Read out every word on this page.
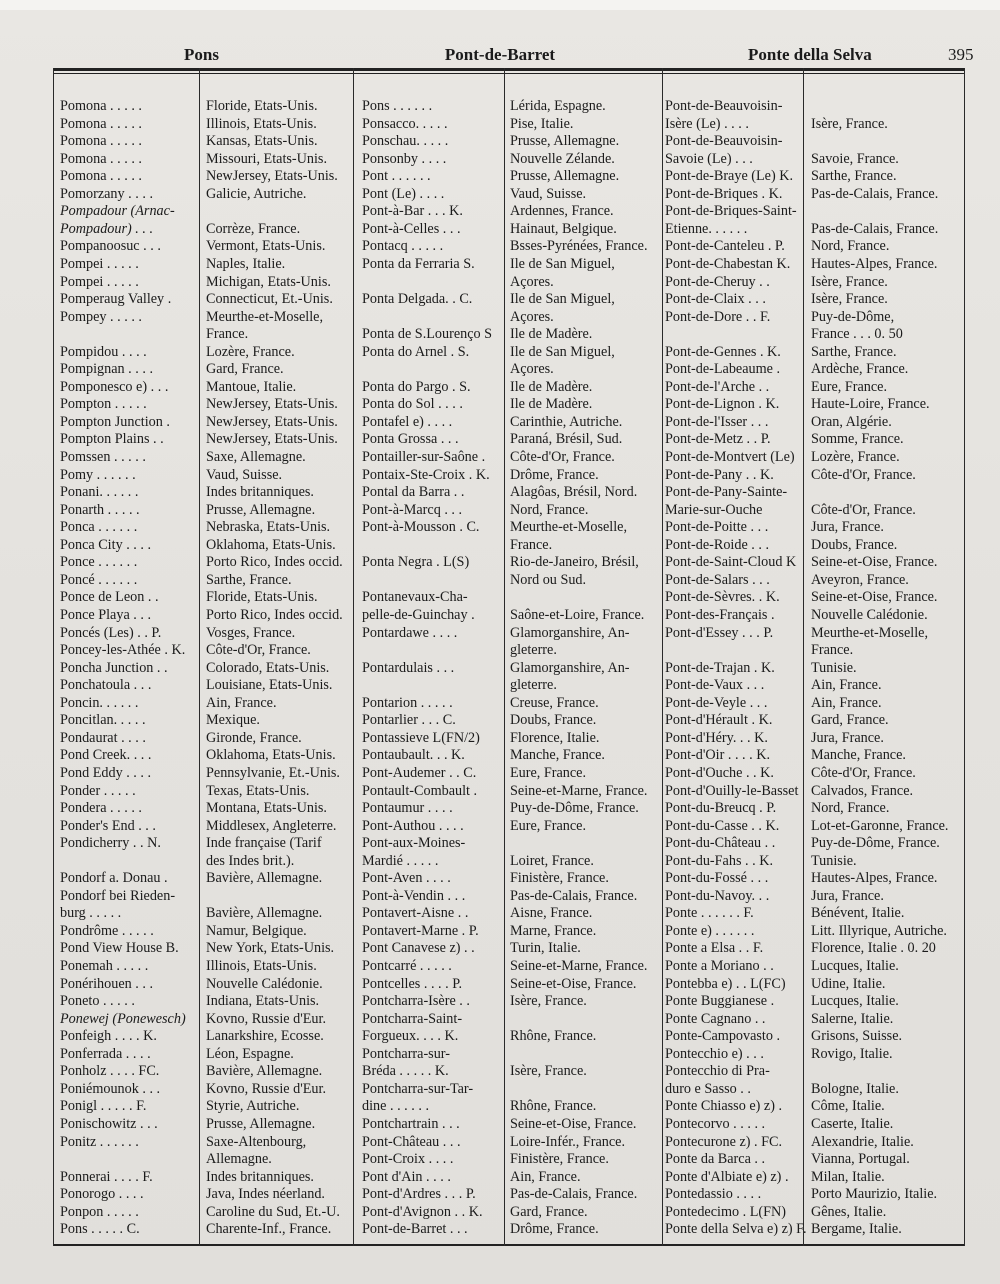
Pons	Pont-de-Barret	Ponte della Selva	395
Pomona . . . . .	Floride, Etats-Unis.
Pomona . . . . .	Illinois, Etats-Unis.
Pomona . . . . .	Kansas, Etats-Unis.
Pomona . . . . .	Missouri, Etats-Unis.
Pomona . . . . .	NewJersey, Etats-Unis.
Pomorzany . . . .	Galicie, Autriche.
Pompadour (Arnac-
Pompadour) . . .	Corrèze, France.
Pompanoosuc . . .	Vermont, Etats-Unis.
Pompei . . . . .	Naples, Italie.
Pompei . . . . .	Michigan, Etats-Unis.
Pomperaug Valley . Connecticut, Et.-Unis.
Pompey . . . . .	Meurthe-et-Moselle,
France.
Pompidou . . . .	Lozère, France.
Pompignan . . . .	Gard, France.
Pomponesco e) . . .	Mantoue, Italie.
Pompton . . . . .	NewJersey, Etats-Unis.
Pompton Junction .	NewJersey, Etats-Unis.
Pompton Plains . .	NewJersey, Etats-Unis.
Pomssen . . . . .	Saxe, Allemagne.
Pomy . . . . . .	Vaud, Suisse.
Ponani. . . . . .	Indes britanniques.
Ponarth . . . . .	Prusse, Allemagne.
Ponca . . . . . .	Nebraska, Etats-Unis.
Ponca City . . . .	Oklahoma, Etats-Unis.
Ponce . . . . . .	Porto Rico, Indes occid.
Poncé . . . . . .	Sarthe, France.
Ponce de Leon . .	Floride, Etats-Unis.
Ponce Playa . . .	Porto Rico, Indes occid.
Poncés (Les) . . P.	Vosges, France.
Poncey-les-Athée . K. Côte-d'Or, France.
Poncha Junction . .	Colorado, Etats-Unis.
Ponchatoula . . .	Louisiane, Etats-Unis.
Poncin. . . . . .	Ain, France.
Poncitlan. . . . .	Mexique.
Pondaurat . . . .	Gironde, France.
Pond Creek. . . .	Oklahoma, Etats-Unis.
Pond Eddy . . . .	Pennsylvanie, Et.-Unis.
Ponder . . . . .	Texas, Etats-Unis.
Pondera . . . . .	Montana, Etats-Unis.
Ponder's End . . .	Middlesex, Angleterre.
Pondicherry . . N.	Inde française (Tarif
des Indes brit.).
Pondorf a. Donau .	Bavière, Allemagne.
Pondorf bei Rieden-
burg . . . . .	Bavière, Allemagne.
Pondrôme . . . . .	Namur, Belgique.
Pond View House B. New York, Etats-Unis.
Ponemah . . . . .	Illinois, Etats-Unis.
Ponérihouen . . .	Nouvelle Calédonie.
Poneto . . . . .	Indiana, Etats-Unis.
Ponewej (Ponewesch) Kovno, Russie d'Eur.
Ponfeigh . . . . K.	Lanarkshire, Ecosse.
Ponferrada . . . .	Léon, Espagne.
Ponholz . . . . FC.	Bavière, Allemagne.
Poniémounok . . .	Kovno, Russie d'Eur.
Ponigl . . . . . F.	Styrie, Autriche.
Ponischowitz . . .	Prusse, Allemagne.
Ponitz . . . . . .	Saxe-Altenbourg,
Allemagne.
Ponnerai . . . . F.	Indes britanniques.
Ponorogo . . . .	Java, Indes néerland.
Ponpon . . . . .	Caroline du Sud, Et.-U.
Pons . . . . . C.	Charente-Inf., France.
Pons . . . . . .	Lérida, Espagne.
Ponsacco. . . . .	Pise, Italie.
Ponschau. . . . .	Prusse, Allemagne.
Ponsonby . . . .	Nouvelle Zélande.
Pont . . . . . .	Prusse, Allemagne.
Pont (Le) . . . .	Vaud, Suisse.
Pont-à-Bar . . . K.	Ardennes, France.
Pont-à-Celles . . .	Hainaut, Belgique.
Pontacq . . . . .	Bsses-Pyrénées, France.
Ponta da Ferraria S. Ile de San Miguel,
Açores.
Ponta Delgada. . C.	Ile de San Miguel,
Açores.
Ponta de S.Lourenço S Ile de Madère.
Ponta do Arnel . S.	Ile de San Miguel,
Açores.
Ponta do Pargo . S.	Ile de Madère.
Ponta do Sol . . . .	Ile de Madère.
Pontafel e) . . . .	Carinthie, Autriche.
Ponta Grossa . . .	Paraná, Brésil, Sud.
Pontailler-sur-Saône . Côte-d'Or, France.
Pontaix-Ste-Croix . K. Drôme, France.
Pontal da Barra . .	Alagôas, Brésil, Nord.
Pont-à-Marcq . . .	Nord, France.
Pont-à-Mousson . C. Meurthe-et-Moselle,
France.
Ponta Negra . L(S)	Rio-de-Janeiro, Brésil,
Nord ou Sud.
Pontanevaux-Cha-
pelle-de-Guinchay . Saône-et-Loire, France.
Pontardawe . . . .	Glamorganshire, An-
gleterre.
Pontardulais . . .	Glamorganshire, An-
gleterre.
Pontarion . . . . .	Creuse, France.
Pontarlier . . . C.	Doubs, France.
Pontassieve L(FN/2) Florence, Italie.
Pontaubault. . . K.	Manche, France.
Pont-Audemer . . C. Eure, France.
Pontault-Combault . Seine-et-Marne, France.
Pontaumur . . . .	Puy-de-Dôme, France.
Pont-Authou . . . .	Eure, France.
Pont-aux-Moines-
Mardié . . . . .	Loiret, France.
Pont-Aven . . . .	Finistère, France.
Pont-à-Vendin . . .	Pas-de-Calais, France.
Pontavert-Aisne . .	Aisne, France.
Pontavert-Marne . P. Marne, France.
Pont Canavese z) . . Turin, Italie.
Pontcarré . . . . .	Seine-et-Marne, France.
Pontcelles . . . . P.	Seine-et-Oise, France.
Pontcharra-Isère . .	Isère, France.
Pontcharra-Saint-
Forgueux. . . . K.	Rhône, France.
Pontcharra-sur-
Bréda . . . . . K.	Isère, France.
Pontcharra-sur-Tar-
dine . . . . . .	Rhône, France.
Pontchartrain . . .	Seine-et-Oise, France.
Pont-Château . . .	Loire-Infér., France.
Pont-Croix . . . .	Finistère, France.
Pont d'Ain . . . .	Ain, France.
Pont-d'Ardres . . . P. Pas-de-Calais, France.
Pont-d'Avignon . . K. Gard, France.
Pont-de-Barret . . .	Drôme, France.
Pont-de-Beauvoisin-
Isère (Le) . . . .	Isère, France.
Pont-de-Beauvoisin-
Savoie (Le) . . .	Savoie, France.
Pont-de-Braye (Le) K. Sarthe, France.
Pont-de-Briques . K. Pas-de-Calais, France.
Pont-de-Briques-Saint-
Etienne. . . . . .	Pas-de-Calais, France.
Pont-de-Canteleu . P. Nord, France.
Pont-de-Chabestan K. Hautes-Alpes, France.
Pont-de-Cheruy . .	Isère, France.
Pont-de-Claix . . .	Isère, France.
Pont-de-Dore . . F.	Puy-de-Dôme,
France . . . 0. 50
Pont-de-Gennes . K. Sarthe, France.
Pont-de-Labeaume . Ardèche, France.
Pont-de-l'Arche . .	Eure, France.
Pont-de-Lignon . K. Haute-Loire, France.
Pont-de-l'Isser . . .	Oran, Algérie.
Pont-de-Metz . . P.	Somme, France.
Pont-de-Montvert (Le) Lozère, France.
Pont-de-Pany . . K.	Côte-d'Or, France.
Pont-de-Pany-Sainte-
Marie-sur-Ouche	Côte-d'Or, France.
Pont-de-Poitte . . .	Jura, France.
Pont-de-Roide . . .	Doubs, France.
Pont-de-Saint-Cloud K Seine-et-Oise, France.
Pont-de-Salars . . .	Aveyron, France.
Pont-de-Sèvres. . K. Seine-et-Oise, France.
Pont-des-Français .	Nouvelle Calédonie.
Pont-d'Essey . . . P.	Meurthe-et-Moselle,
France.
Pont-de-Trajan . K.	Tunisie.
Pont-de-Vaux . . .	Ain, France.
Pont-de-Veyle . . .	Ain, France.
Pont-d'Hérault . K.	Gard, France.
Pont-d'Héry. . . K.	Jura, France.
Pont-d'Oir . . . . K.	Manche, France.
Pont-d'Ouche . . K.	Côte-d'Or, France.
Pont-d'Ouilly-le-Basset Calvados, France.
Pont-du-Breucq . P. Nord, France.
Pont-du-Casse . . K. Lot-et-Garonne, France.
Pont-du-Château . .	Puy-de-Dôme, France.
Pont-du-Fahs . . K.	Tunisie.
Pont-du-Fossé . . .	Hautes-Alpes, France.
Pont-du-Navoy. . .	Jura, France.
Ponte . . . . . . F.	Bénévent, Italie.
Ponte e) . . . . . .	Litt. Illyrique, Autriche.
Ponte a Elsa . . F.	Florence, Italie . 0. 20
Ponte a Moriano . .	Lucques, Italie.
Pontebba e) . . L(FC) Udine, Italie.
Ponte Buggianese .	Lucques, Italie.
Ponte Cagnano . .	Salerne, Italie.
Ponte-Campovasto . Grisons, Suisse.
Pontecchio e) . . .	Rovigo, Italie.
Pontecchio di Pra-
duro e Sasso . .	Bologne, Italie.
Ponte Chiasso e) z) . Côme, Italie.
Pontecorvo . . . . .	Caserte, Italie.
Pontecurone z) . FC. Alexandrie, Italie.
Ponte da Barca . .	Vianna, Portugal.
Ponte d'Albiate e) z) . Milan, Italie.
Pontedassio . . . .	Porto Maurizio, Italie.
Pontedecimo . L(FN) Gênes, Italie.
Ponte della Selva e) z) F. Bergame, Italie.
